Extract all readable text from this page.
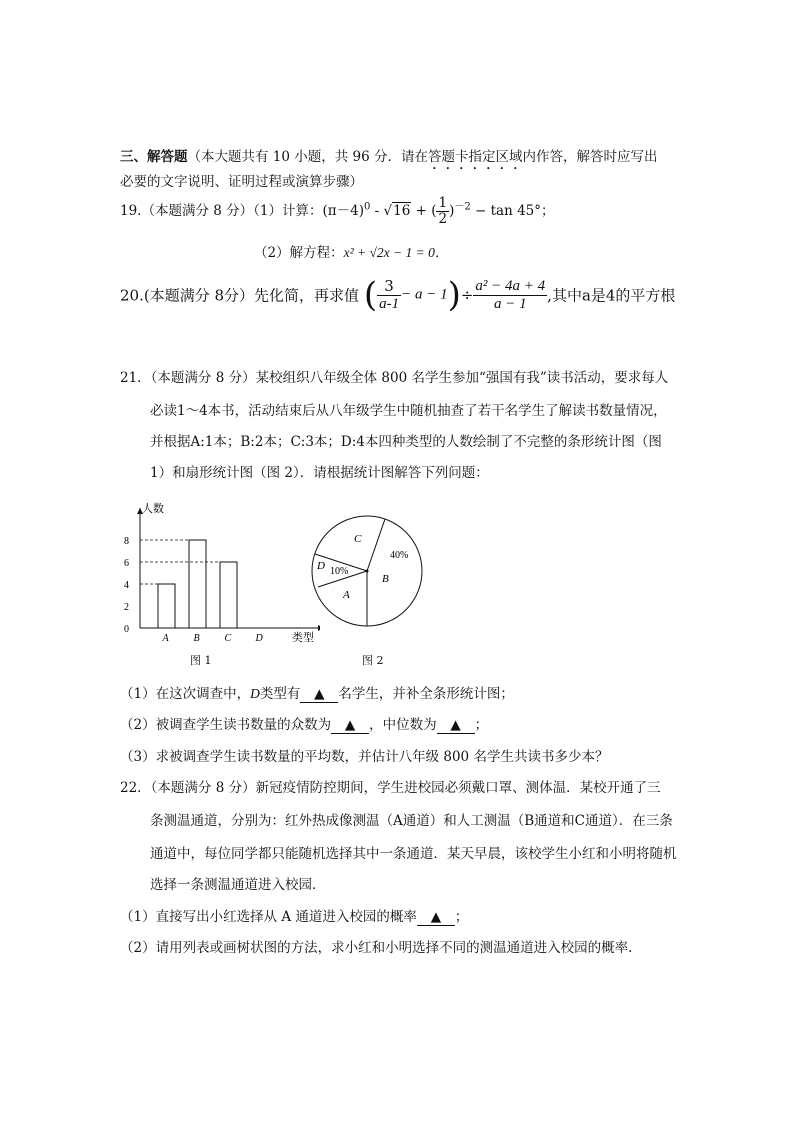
三、解答题（本大题共有 10 小题，共 96 分．请在答题卡指定区域内作答，解答时应写出
必要的文字说明、证明过程或演算步骤）
19.（本题满分 8 分）（1）计算：$(\pi-4)^0 - √16$ + ( $\frac{1}{2} )^{-2} - \tan 45^\circ$；
（2）解方程：x² + √2x − 1 = 0．
20.(本题满分 8分）先化简，再求值 ( $\frac{3}{a-1} - a - 1)\div \frac{\text{a² − 4a + 4}}{a - 1}$ ,其中a是4的平方根
21．（本题满分 8 分）某校组织八年级全体 800 名学生参加“强国有我”读书活动，要求每人
必读1～4本书，活动结束后从八年级学生中随机抽查了若干名学生了解读书数量情况，
并根据A:1本；B:2本；C:3本；D:4本四种类型的人数绘制了不完整的条形统计图（图
1）和扇形统计图（图 2）．请根据统计图解答下列问题：
人数
类型
0
2
4
6
8
A B C D
图 1
C
B
D
A
40%
10%
图 2
（1）在这次调查中，D类型有 ▲ 名学生，并补全条形统计图；
（2）被调查学生读书数量的众数为 ▲ ，中位数为 ▲ ；
（3）求被调查学生读书数量的平均数，并估计八年级 800 名学生共读书多少本？
22．（本题满分 8 分）新冠疫情防控期间，学生进校园必须戴口罩、测体温．某校开通了三
条测温通道，分别为：红外热成像测温（A通道）和人工测温（B通道和C通道）．在三条
通道中，每位同学都只能随机选择其中一条通道．某天早晨，该校学生小红和小明将随机
选择一条测温通道进入校园．
（1）直接写出小红选择从 A 通道进入校园的概率 ▲ ；
（2）请用列表或画树状图的方法，求小红和小明选择不同的测温通道进入校园的概率．
